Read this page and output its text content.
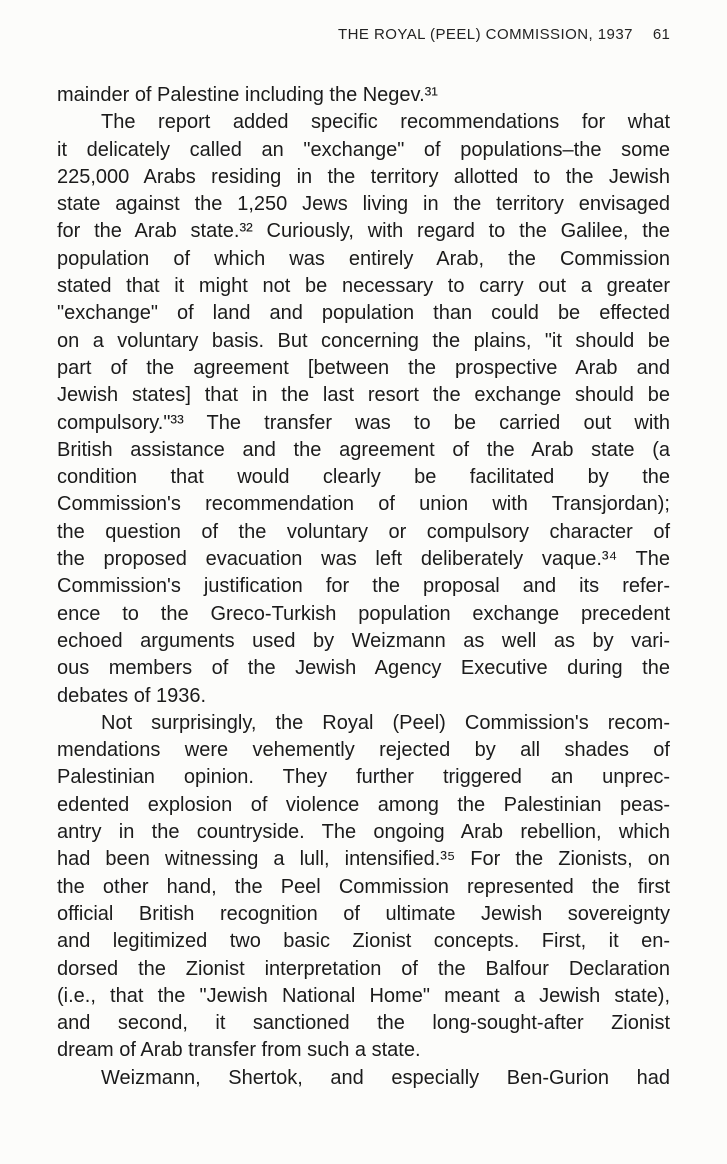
THE ROYAL (PEEL) COMMISSION, 1937 61
mainder of Palestine including the Negev.³¹
The report added specific recommendations for what
it delicately called an "exchange" of populations–the some
225,000 Arabs residing in the territory allotted to the Jewish
state against the 1,250 Jews living in the territory envisaged
for the Arab state.³² Curiously, with regard to the Galilee, the
population of which was entirely Arab, the Commission
stated that it might not be necessary to carry out a greater
"exchange" of land and population than could be effected
on a voluntary basis. But concerning the plains, "it should be
part of the agreement [between the prospective Arab and
Jewish states] that in the last resort the exchange should be
compulsory."³³ The transfer was to be carried out with
British assistance and the agreement of the Arab state (a
condition that would clearly be facilitated by the
Commission's recommendation of union with Transjordan);
the question of the voluntary or compulsory character of
the proposed evacuation was left deliberately vaque.³⁴ The
Commission's justification for the proposal and its refer-
ence to the Greco-Turkish population exchange precedent
echoed arguments used by Weizmann as well as by vari-
ous members of the Jewish Agency Executive during the
debates of 1936.
Not surprisingly, the Royal (Peel) Commission's recom-
mendations were vehemently rejected by all shades of
Palestinian opinion. They further triggered an unprec-
edented explosion of violence among the Palestinian peas-
antry in the countryside. The ongoing Arab rebellion, which
had been witnessing a lull, intensified.³⁵ For the Zionists, on
the other hand, the Peel Commission represented the first
official British recognition of ultimate Jewish sovereignty
and legitimized two basic Zionist concepts. First, it en-
dorsed the Zionist interpretation of the Balfour Declaration
(i.e., that the "Jewish National Home" meant a Jewish state),
and second, it sanctioned the long-sought-after Zionist
dream of Arab transfer from such a state.
Weizmann, Shertok, and especially Ben-Gurion had
